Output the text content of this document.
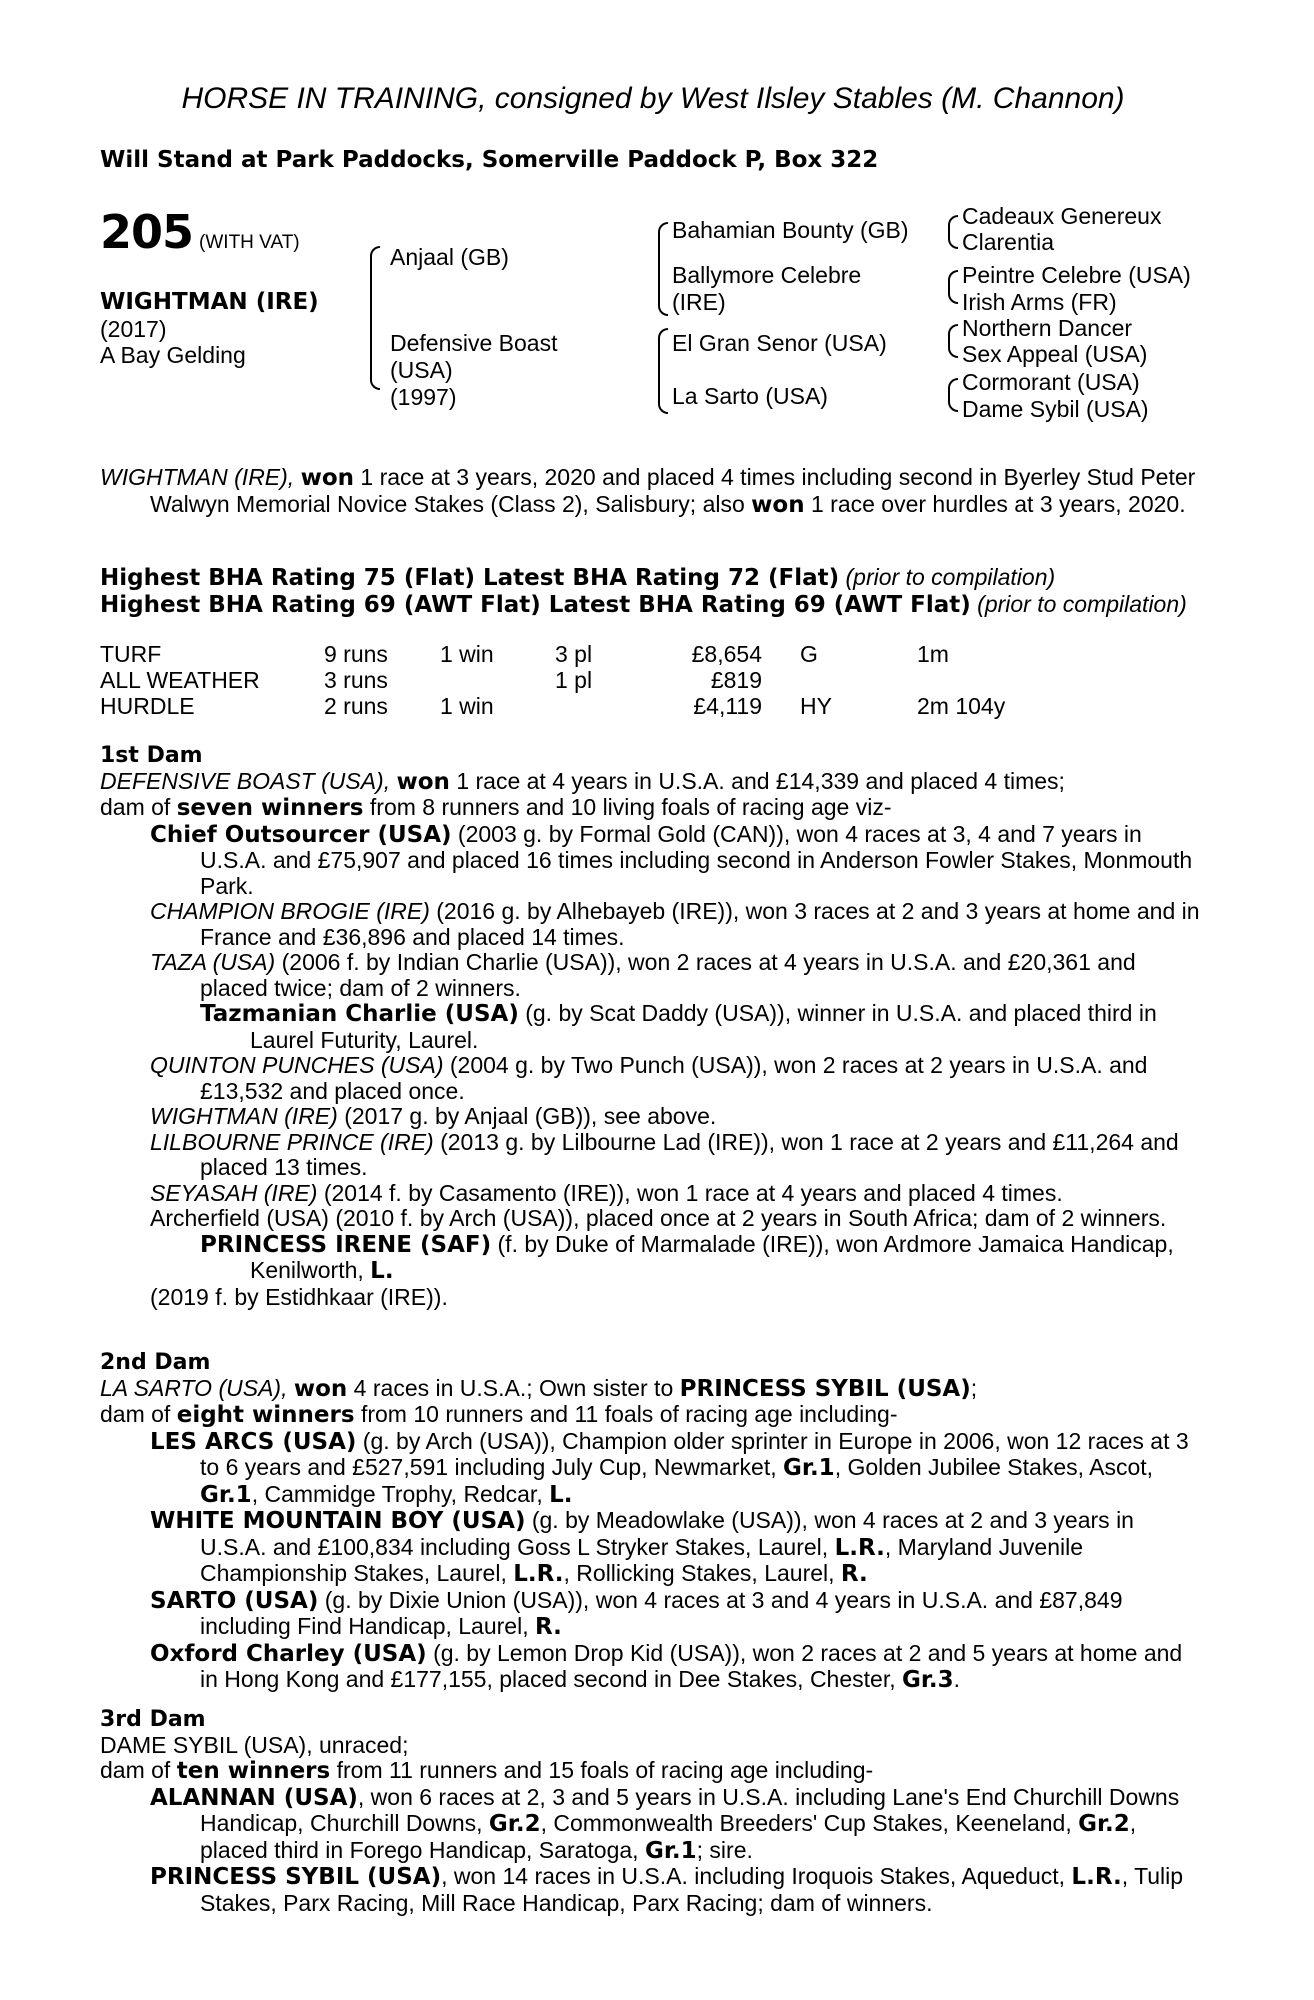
HORSE IN TRAINING, consigned by West Ilsley Stables (M. Channon)
Will Stand at Park Paddocks, Somerville Paddock P, Box 322
205 (WITH VAT)
WIGHTMAN (IRE)
(2017)
A Bay Gelding
Anjaal (GB)
Defensive Boast
(USA)
(1997)
Bahamian Bounty (GB)
Ballymore Celebre
(IRE)
El Gran Senor (USA)
La Sarto (USA)
Cadeaux Genereux
Clarentia
Peintre Celebre (USA)
Irish Arms (FR)
Northern Dancer
Sex Appeal (USA)
Cormorant (USA)
Dame Sybil (USA)

WIGHTMAN (IRE), won 1 race at 3 years, 2020 and placed 4 times including second in Byerley Stud Peter Walwyn Memorial Novice Stakes (Class 2), Salisbury; also won 1 race over hurdles at 3 years, 2020.

Highest BHA Rating 75 (Flat) Latest BHA Rating 72 (Flat) (prior to compilation)

Highest BHA Rating 69 (AWT Flat) Latest BHA Rating 69 (AWT Flat) (prior to compilation)

TURF	9 runs 1 win	3 pl	£8,654 G	1m
ALL WEATHER	3 runs	1 pl	£819
HURDLE	2 runs 1 win	£4,119 HY	2m 104y

1st Dam

DEFENSIVE BOAST (USA), won 1 race at 4 years in U.S.A. and £14,339 and placed 4 times;

dam of seven winners from 8 runners and 10 living foals of racing age viz-

Chief Outsourcer (USA) (2003 g. by Formal Gold (CAN)), won 4 races at 3, 4 and 7 years in U.S.A. and £75,907 and placed 16 times including second in Anderson Fowler Stakes, Monmouth Park.

CHAMPION BROGIE (IRE) (2016 g. by Alhebayeb (IRE)), won 3 races at 2 and 3 years at home and in France and £36,896 and placed 14 times.

TAZA (USA) (2006 f. by Indian Charlie (USA)), won 2 races at 4 years in U.S.A. and £20,361 and placed twice; dam of 2 winners.

Tazmanian Charlie (USA) (g. by Scat Daddy (USA)), winner in U.S.A. and placed third in Laurel Futurity, Laurel.

QUINTON PUNCHES (USA) (2004 g. by Two Punch (USA)), won 2 races at 2 years in U.S.A. and £13,532 and placed once.

WIGHTMAN (IRE) (2017 g. by Anjaal (GB)), see above.

LILBOURNE PRINCE (IRE) (2013 g. by Lilbourne Lad (IRE)), won 1 race at 2 years and £11,264 and placed 13 times.

SEYASAH (IRE) (2014 f. by Casamento (IRE)), won 1 race at 4 years and placed 4 times.

Archerfield (USA) (2010 f. by Arch (USA)), placed once at 2 years in South Africa; dam of 2 winners.

PRINCESS IRENE (SAF) (f. by Duke of Marmalade (IRE)), won Ardmore Jamaica Handicap, Kenilworth, L.

(2019 f. by Estidhkaar (IRE)).

2nd Dam

LA SARTO (USA), won 4 races in U.S.A.; Own sister to PRINCESS SYBIL (USA);

dam of eight winners from 10 runners and 11 foals of racing age including-

LES ARCS (USA) (g. by Arch (USA)), Champion older sprinter in Europe in 2006, won 12 races at 3 to 6 years and £527,591 including July Cup, Newmarket, Gr.1, Golden Jubilee Stakes, Ascot, Gr.1, Cammidge Trophy, Redcar, L.

WHITE MOUNTAIN BOY (USA) (g. by Meadowlake (USA)), won 4 races at 2 and 3 years in U.S.A. and £100,834 including Goss L Stryker Stakes, Laurel, L.R., Maryland Juvenile Championship Stakes, Laurel, L.R., Rollicking Stakes, Laurel, R.

SARTO (USA) (g. by Dixie Union (USA)), won 4 races at 3 and 4 years in U.S.A. and £87,849 including Find Handicap, Laurel, R.

Oxford Charley (USA) (g. by Lemon Drop Kid (USA)), won 2 races at 2 and 5 years at home and in Hong Kong and £177,155, placed second in Dee Stakes, Chester, Gr.3.

3rd Dam

DAME SYBIL (USA), unraced;

dam of ten winners from 11 runners and 15 foals of racing age including-

ALANNAN (USA), won 6 races at 2, 3 and 5 years in U.S.A. including Lane's End Churchill Downs Handicap, Churchill Downs, Gr.2, Commonwealth Breeders' Cup Stakes, Keeneland, Gr.2, placed third in Forego Handicap, Saratoga, Gr.1; sire.

PRINCESS SYBIL (USA), won 14 races in U.S.A. including Iroquois Stakes, Aqueduct, L.R., Tulip Stakes, Parx Racing, Mill Race Handicap, Parx Racing; dam of winners.
